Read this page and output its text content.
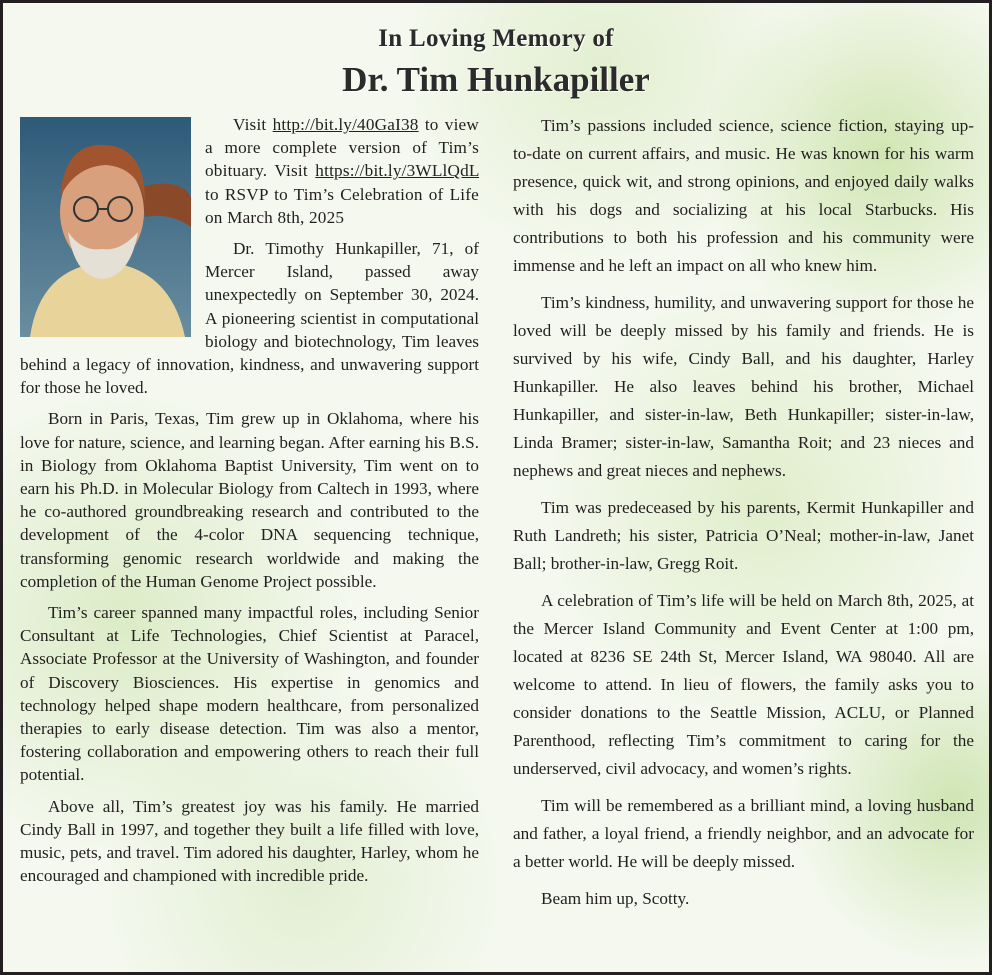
In Loving Memory of
Dr. Tim Hunkapiller

Visit http://bit.ly/40GaI38 to view a more complete version of Tim’s obituary. Visit https://bit.ly/3WLlQdL to RSVP to Tim’s Celebration of Life on March 8th, 2025

Dr. Timothy Hunkapiller, 71, of Mercer Island, passed away unexpectedly on September 30, 2024. A pioneering scientist in computational biology and biotechnology, Tim leaves behind a legacy of innovation, kindness, and unwavering support for those he loved.

Born in Paris, Texas, Tim grew up in Oklahoma, where his love for nature, science, and learning began. After earning his B.S. in Biology from Oklahoma Baptist University, Tim went on to earn his Ph.D. in Molecular Biology from Caltech in 1993, where he co-authored groundbreaking research and contributed to the development of the 4-color DNA sequencing technique, transforming genomic research worldwide and making the completion of the Human Genome Project possible.

Tim’s career spanned many impactful roles, including Senior Consultant at Life Technologies, Chief Scientist at Paracel, Associate Professor at the University of Washington, and founder of Discovery Biosciences. His expertise in genomics and technology helped shape modern healthcare, from personalized therapies to early disease detection. Tim was also a mentor, fostering collaboration and empowering others to reach their full potential.

Above all, Tim’s greatest joy was his family. He married Cindy Ball in 1997, and together they built a life filled with love, music, pets, and travel. Tim adored his daughter, Harley, whom he encouraged and championed with incredible pride.

Tim’s passions included science, science fiction, staying up-to-date on current affairs, and music. He was known for his warm presence, quick wit, and strong opinions, and enjoyed daily walks with his dogs and socializing at his local Starbucks. His contributions to both his profession and his community were immense and he left an impact on all who knew him.

Tim’s kindness, humility, and unwavering support for those he loved will be deeply missed by his family and friends. He is survived by his wife, Cindy Ball, and his daughter, Harley Hunkapiller. He also leaves behind his brother, Michael Hunkapiller, and sister-in-law, Beth Hunkapiller; sister-in-law, Linda Bramer; sister-in-law, Samantha Roit; and 23 nieces and nephews and great nieces and nephews.

Tim was predeceased by his parents, Kermit Hunkapiller and Ruth Landreth; his sister, Patricia O’Neal; mother-in-law, Janet Ball; brother-in-law, Gregg Roit.

A celebration of Tim’s life will be held on March 8th, 2025, at the Mercer Island Community and Event Center at 1:00 pm, located at 8236 SE 24th St, Mercer Island, WA 98040. All are welcome to attend. In lieu of flowers, the family asks you to consider donations to the Seattle Mission, ACLU, or Planned Parenthood, reflecting Tim’s commitment to caring for the underserved, civil advocacy, and women’s rights.

Tim will be remembered as a brilliant mind, a loving husband and father, a loyal friend, a friendly neighbor, and an advocate for a better world. He will be deeply missed.

Beam him up, Scotty.
